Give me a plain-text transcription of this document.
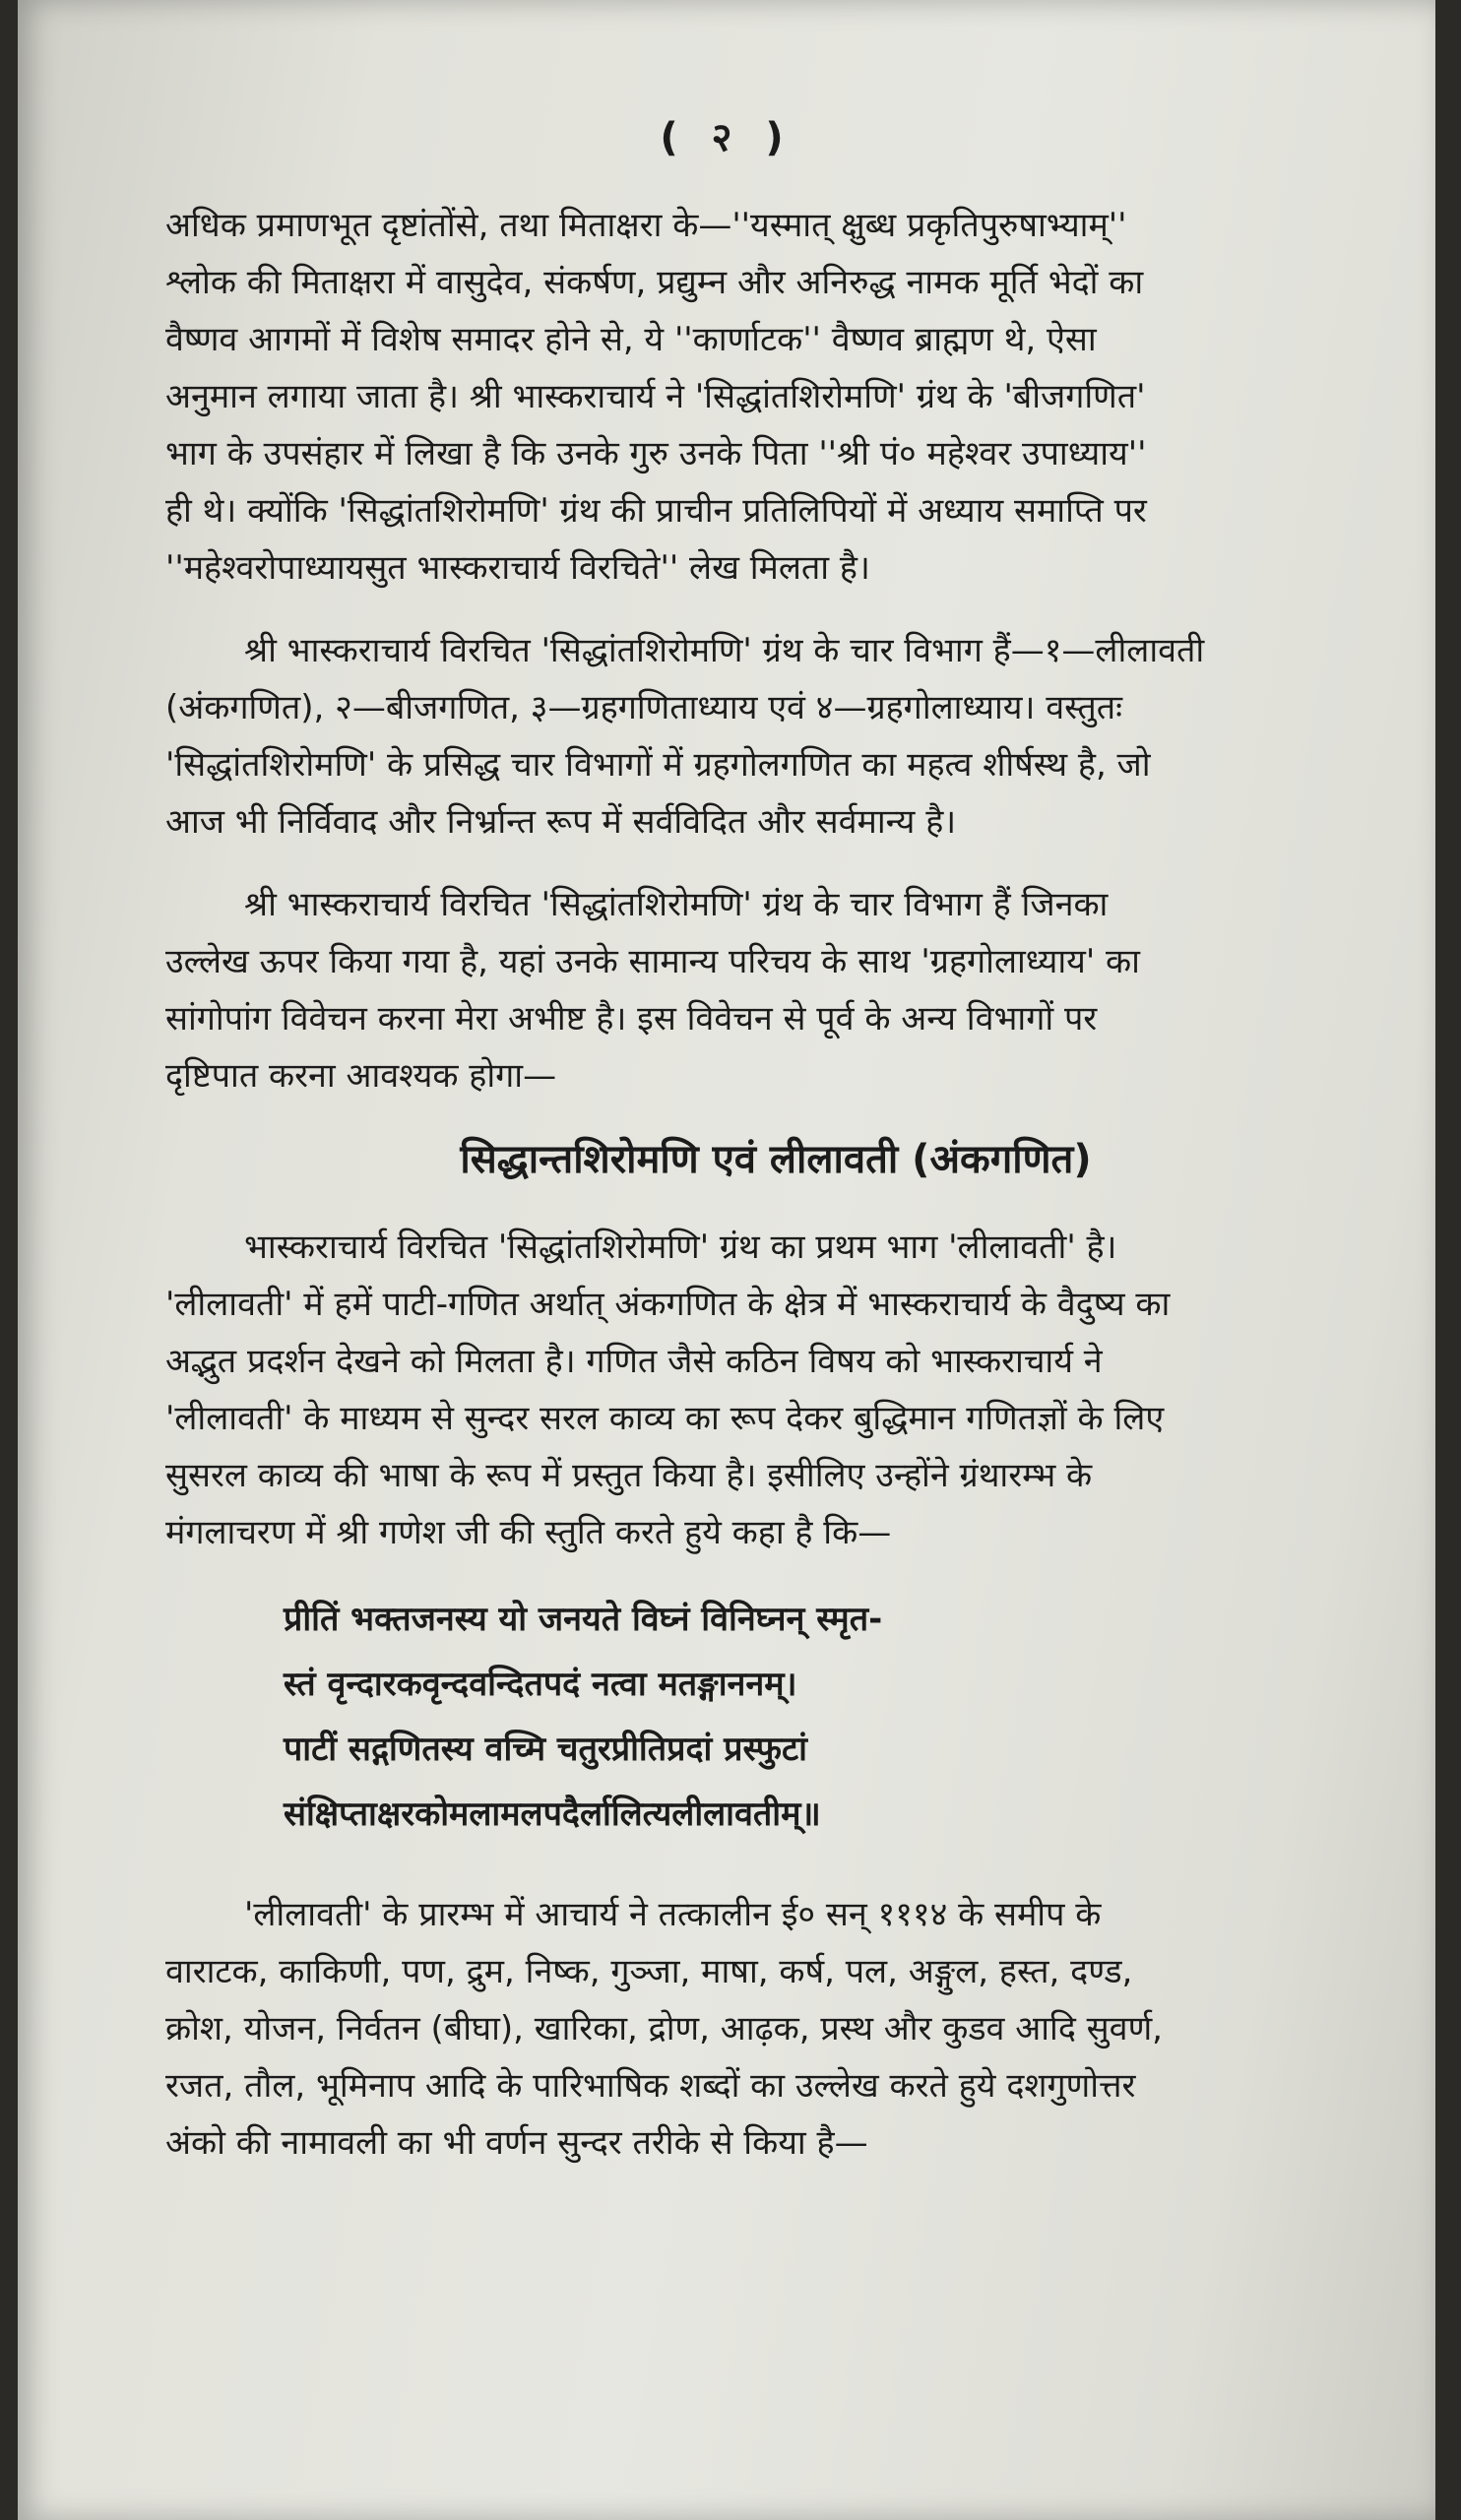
( २ )

अधिक प्रमाणभूत दृष्टांतोंसे, तथा मिताक्षरा के—''यस्मात् क्षुब्ध प्रकृतिपुरुषाभ्याम्''
श्लोक की मिताक्षरा में वासुदेव, संकर्षण, प्रद्युम्न और अनिरुद्ध नामक मूर्ति भेदों का
वैष्णव आगमों में विशेष समादर होने से, ये ''कार्णाटक'' वैष्णव ब्राह्मण थे, ऐसा
अनुमान लगाया जाता है। श्री भास्कराचार्य ने 'सिद्धांतशिरोमणि' ग्रंथ के 'बीजगणित'
भाग के उपसंहार में लिखा है कि उनके गुरु उनके पिता ''श्री पं० महेश्वर उपाध्याय''
ही थे। क्योंकि 'सिद्धांतशिरोमणि' ग्रंथ की प्राचीन प्रतिलिपियों में अध्याय समाप्ति पर
''महेश्वरोपाध्यायसुत भास्कराचार्य विरचिते'' लेख मिलता है।

श्री भास्कराचार्य विरचित 'सिद्धांतशिरोमणि' ग्रंथ के चार विभाग हैं—१—लीलावती
(अंकगणित), २—बीजगणित, ३—ग्रहगणिताध्याय एवं ४—ग्रहगोलाध्याय। वस्तुतः
'सिद्धांतशिरोमणि' के प्रसिद्ध चार विभागों में ग्रहगोलगणित का महत्व शीर्षस्थ है, जो
आज भी निर्विवाद और निर्भ्रान्त रूप में सर्वविदित और सर्वमान्य है।

श्री भास्कराचार्य विरचित 'सिद्धांतशिरोमणि' ग्रंथ के चार विभाग हैं जिनका
उल्लेख ऊपर किया गया है, यहां उनके सामान्य परिचय के साथ 'ग्रहगोलाध्याय' का
सांगोपांग विवेचन करना मेरा अभीष्ट है। इस विवेचन से पूर्व के अन्य विभागों पर
दृष्टिपात करना आवश्यक होगा—

सिद्धान्तशिरोमणि एवं लीलावती (अंकगणित)

भास्कराचार्य विरचित 'सिद्धांतशिरोमणि' ग्रंथ का प्रथम भाग 'लीलावती' है।
'लीलावती' में हमें पाटी-गणित अर्थात् अंकगणित के क्षेत्र में भास्कराचार्य के वैदुष्य का
अद्भुत प्रदर्शन देखने को मिलता है। गणित जैसे कठिन विषय को भास्कराचार्य ने
'लीलावती' के माध्यम से सुन्दर सरल काव्य का रूप देकर बुद्धिमान गणितज्ञों के लिए
सुसरल काव्य की भाषा के रूप में प्रस्तुत किया है। इसीलिए उन्होंने ग्रंथारम्भ के
मंगलाचरण में श्री गणेश जी की स्तुति करते हुये कहा है कि—

प्रीतिं भक्तजनस्य यो जनयते विघ्नं विनिघ्नन् स्मृत-
स्तं वृन्दारकवृन्दवन्दितपदं नत्वा मतङ्गाननम्।
पाटीं सद्गणितस्य वच्मि चतुरप्रीतिप्रदां प्रस्फुटां
संक्षिप्ताक्षरकोमलामलपदैर्लालित्यलीलावतीम्॥

'लीलावती' के प्रारम्भ में आचार्य ने तत्कालीन ई० सन् १११४ के समीप के
वाराटक, काकिणी, पण, द्रुम, निष्क, गुञ्जा, माषा, कर्ष, पल, अङ्गुल, हस्त, दण्ड,
क्रोश, योजन, निर्वतन (बीघा), खारिका, द्रोण, आढ़क, प्रस्थ और कुडव आदि सुवर्ण,
रजत, तौल, भूमिनाप आदि के पारिभाषिक शब्दों का उल्लेख करते हुये दशगुणोत्तर
अंको की नामावली का भी वर्णन सुन्दर तरीके से किया है—
